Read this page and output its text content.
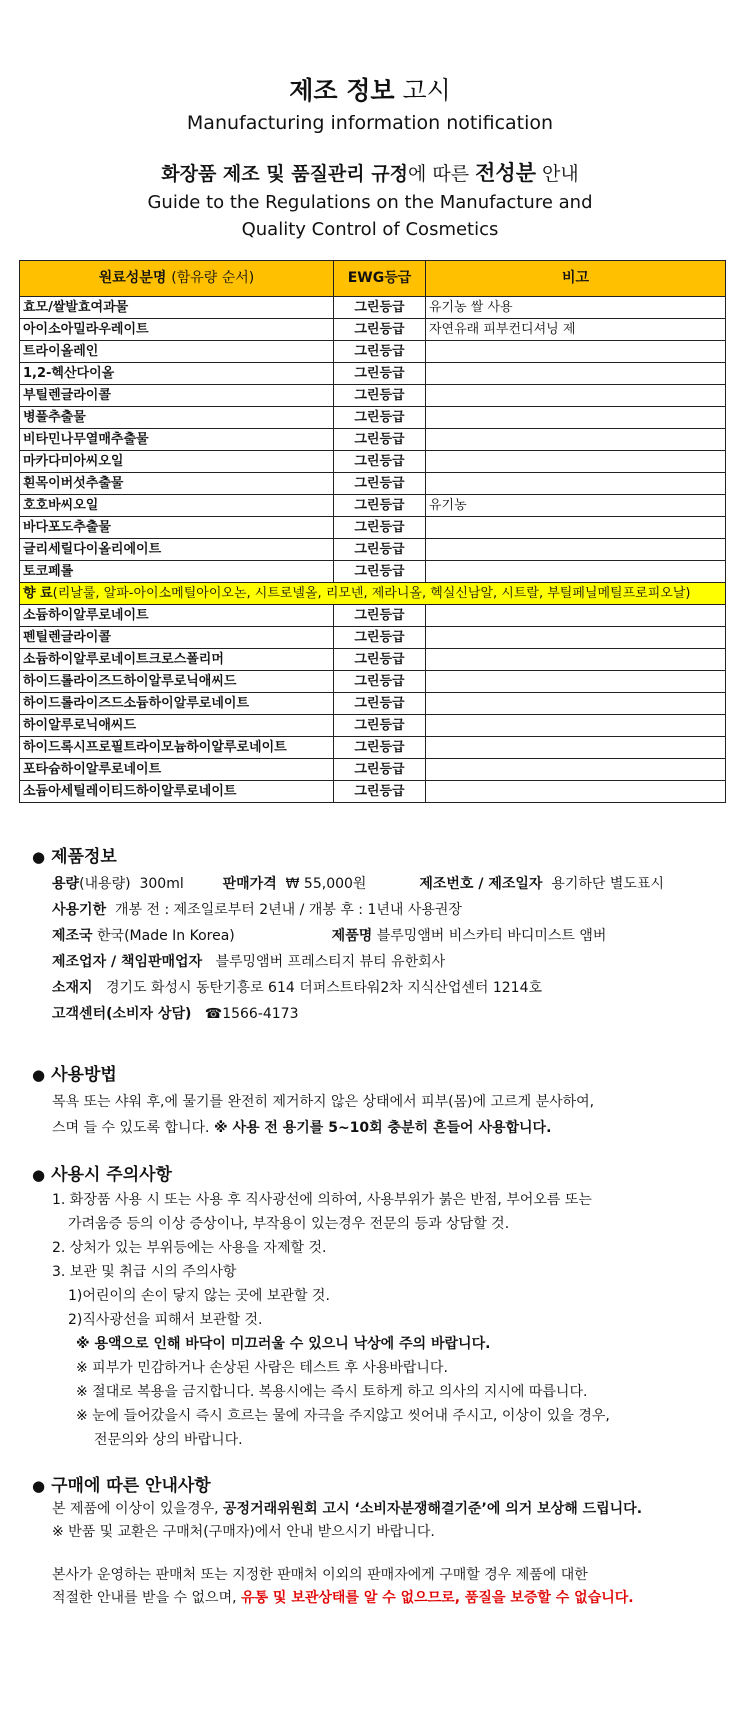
제조 정보 고시
Manufacturing information notification
화장품 제조 및 품질관리 규정에 따른 전성분 안내
Guide to the Regulations on the Manufacture and
Quality Control of Cosmetics
원료성분명 (함유량 순서)	EWG등급	비고
효모/쌀발효여과물	그린등급	유기농 쌀 사용
아이소아밀라우레이트	그린등급	자연유래 피부컨디셔닝 제
트라이올레인	그린등급	
1,2-헥산다이올	그린등급	
부틸렌글라이콜	그린등급	
병풀추출물	그린등급	
비타민나무열매추출물	그린등급	
마카다미아씨오일	그린등급	
흰목이버섯추출물	그린등급	
호호바씨오일	그린등급	유기농
바다포도추출물	그린등급	
글리세릴다이올리에이트	그린등급	
토코페롤	그린등급	
향 료(리날룰, 알파-아이소메틸아이오논, 시트로넬올, 리모넨, 제라니올, 헥실신남알, 시트랄, 부틸페닐메틸프로피오날)		
소듐하이알루로네이트	그린등급	
펜틸렌글라이콜	그린등급	
소듐하이알루로네이트크로스폴리머	그린등급	
하이드롤라이즈드하이알루로닉애씨드	그린등급	
하이드롤라이즈드소듐하이알루로네이트	그린등급	
하이알루로닉애씨드	그린등급	
하이드록시프로필트라이모늄하이알루로네이트	그린등급	
포타슘하이알루로네이트	그린등급	
소듐아세틸레이티드하이알루로네이트	그린등급	
● 제품정보
용량(내용량) 300ml	판매가격 ₩ 55,000원	제조번호 / 제조일자 용기하단 별도표시
사용기한 개봉 전 : 제조일로부터 2년내 / 개봉 후 : 1년내 사용권장
제조국 한국(Made In Korea)	제품명 블루밍앰버 비스카티 바디미스트 앰버
제조업자 / 책임판매업자 블루밍앰버 프레스티지 뷰티 유한회사
소재지 경기도 화성시 동탄기흥로 614 더퍼스트타워2차 지식산업센터 1214호
고객센터(소비자 상담) ☎1566-4173
● 사용방법
목욕 또는 샤워 후,에 물기를 완전히 제거하지 않은 상태에서 피부(몸)에 고르게 분사하여,
스며 들 수 있도록 합니다. ※ 사용 전 용기를 5~10회 충분히 흔들어 사용합니다.
● 사용시 주의사항
1. 화장품 사용 시 또는 사용 후 직사광선에 의하여, 사용부위가 붉은 반점, 부어오름 또는
가려움증 등의 이상 증상이나, 부작용이 있는경우 전문의 등과 상담할 것.
2. 상처가 있는 부위등에는 사용을 자제할 것.
3. 보관 및 취급 시의 주의사항
1)어린이의 손이 닿지 않는 곳에 보관할 것.
2)직사광선을 피해서 보관할 것.
※ 용액으로 인해 바닥이 미끄러울 수 있으니 낙상에 주의 바랍니다.
※ 피부가 민감하거나 손상된 사람은 테스트 후 사용바랍니다.
※ 절대로 복용을 금지합니다. 복용시에는 즉시 토하게 하고 의사의 지시에 따릅니다.
※ 눈에 들어갔을시 즉시 흐르는 물에 자극을 주지않고 씻어내 주시고, 이상이 있을 경우,
전문의와 상의 바랍니다.
● 구매에 따른 안내사항
본 제품에 이상이 있을경우, 공정거래위원회 고시 ‘소비자분쟁해결기준’에 의거 보상해 드립니다.
※ 반품 및 교환은 구매처(구매자)에서 안내 받으시기 바랍니다.
본사가 운영하는 판매처 또는 지정한 판매처 이외의 판매자에게 구매할 경우 제품에 대한
적절한 안내를 받을 수 없으며, 유통 및 보관상태를 알 수 없으므로, 품질을 보증할 수 없습니다.
